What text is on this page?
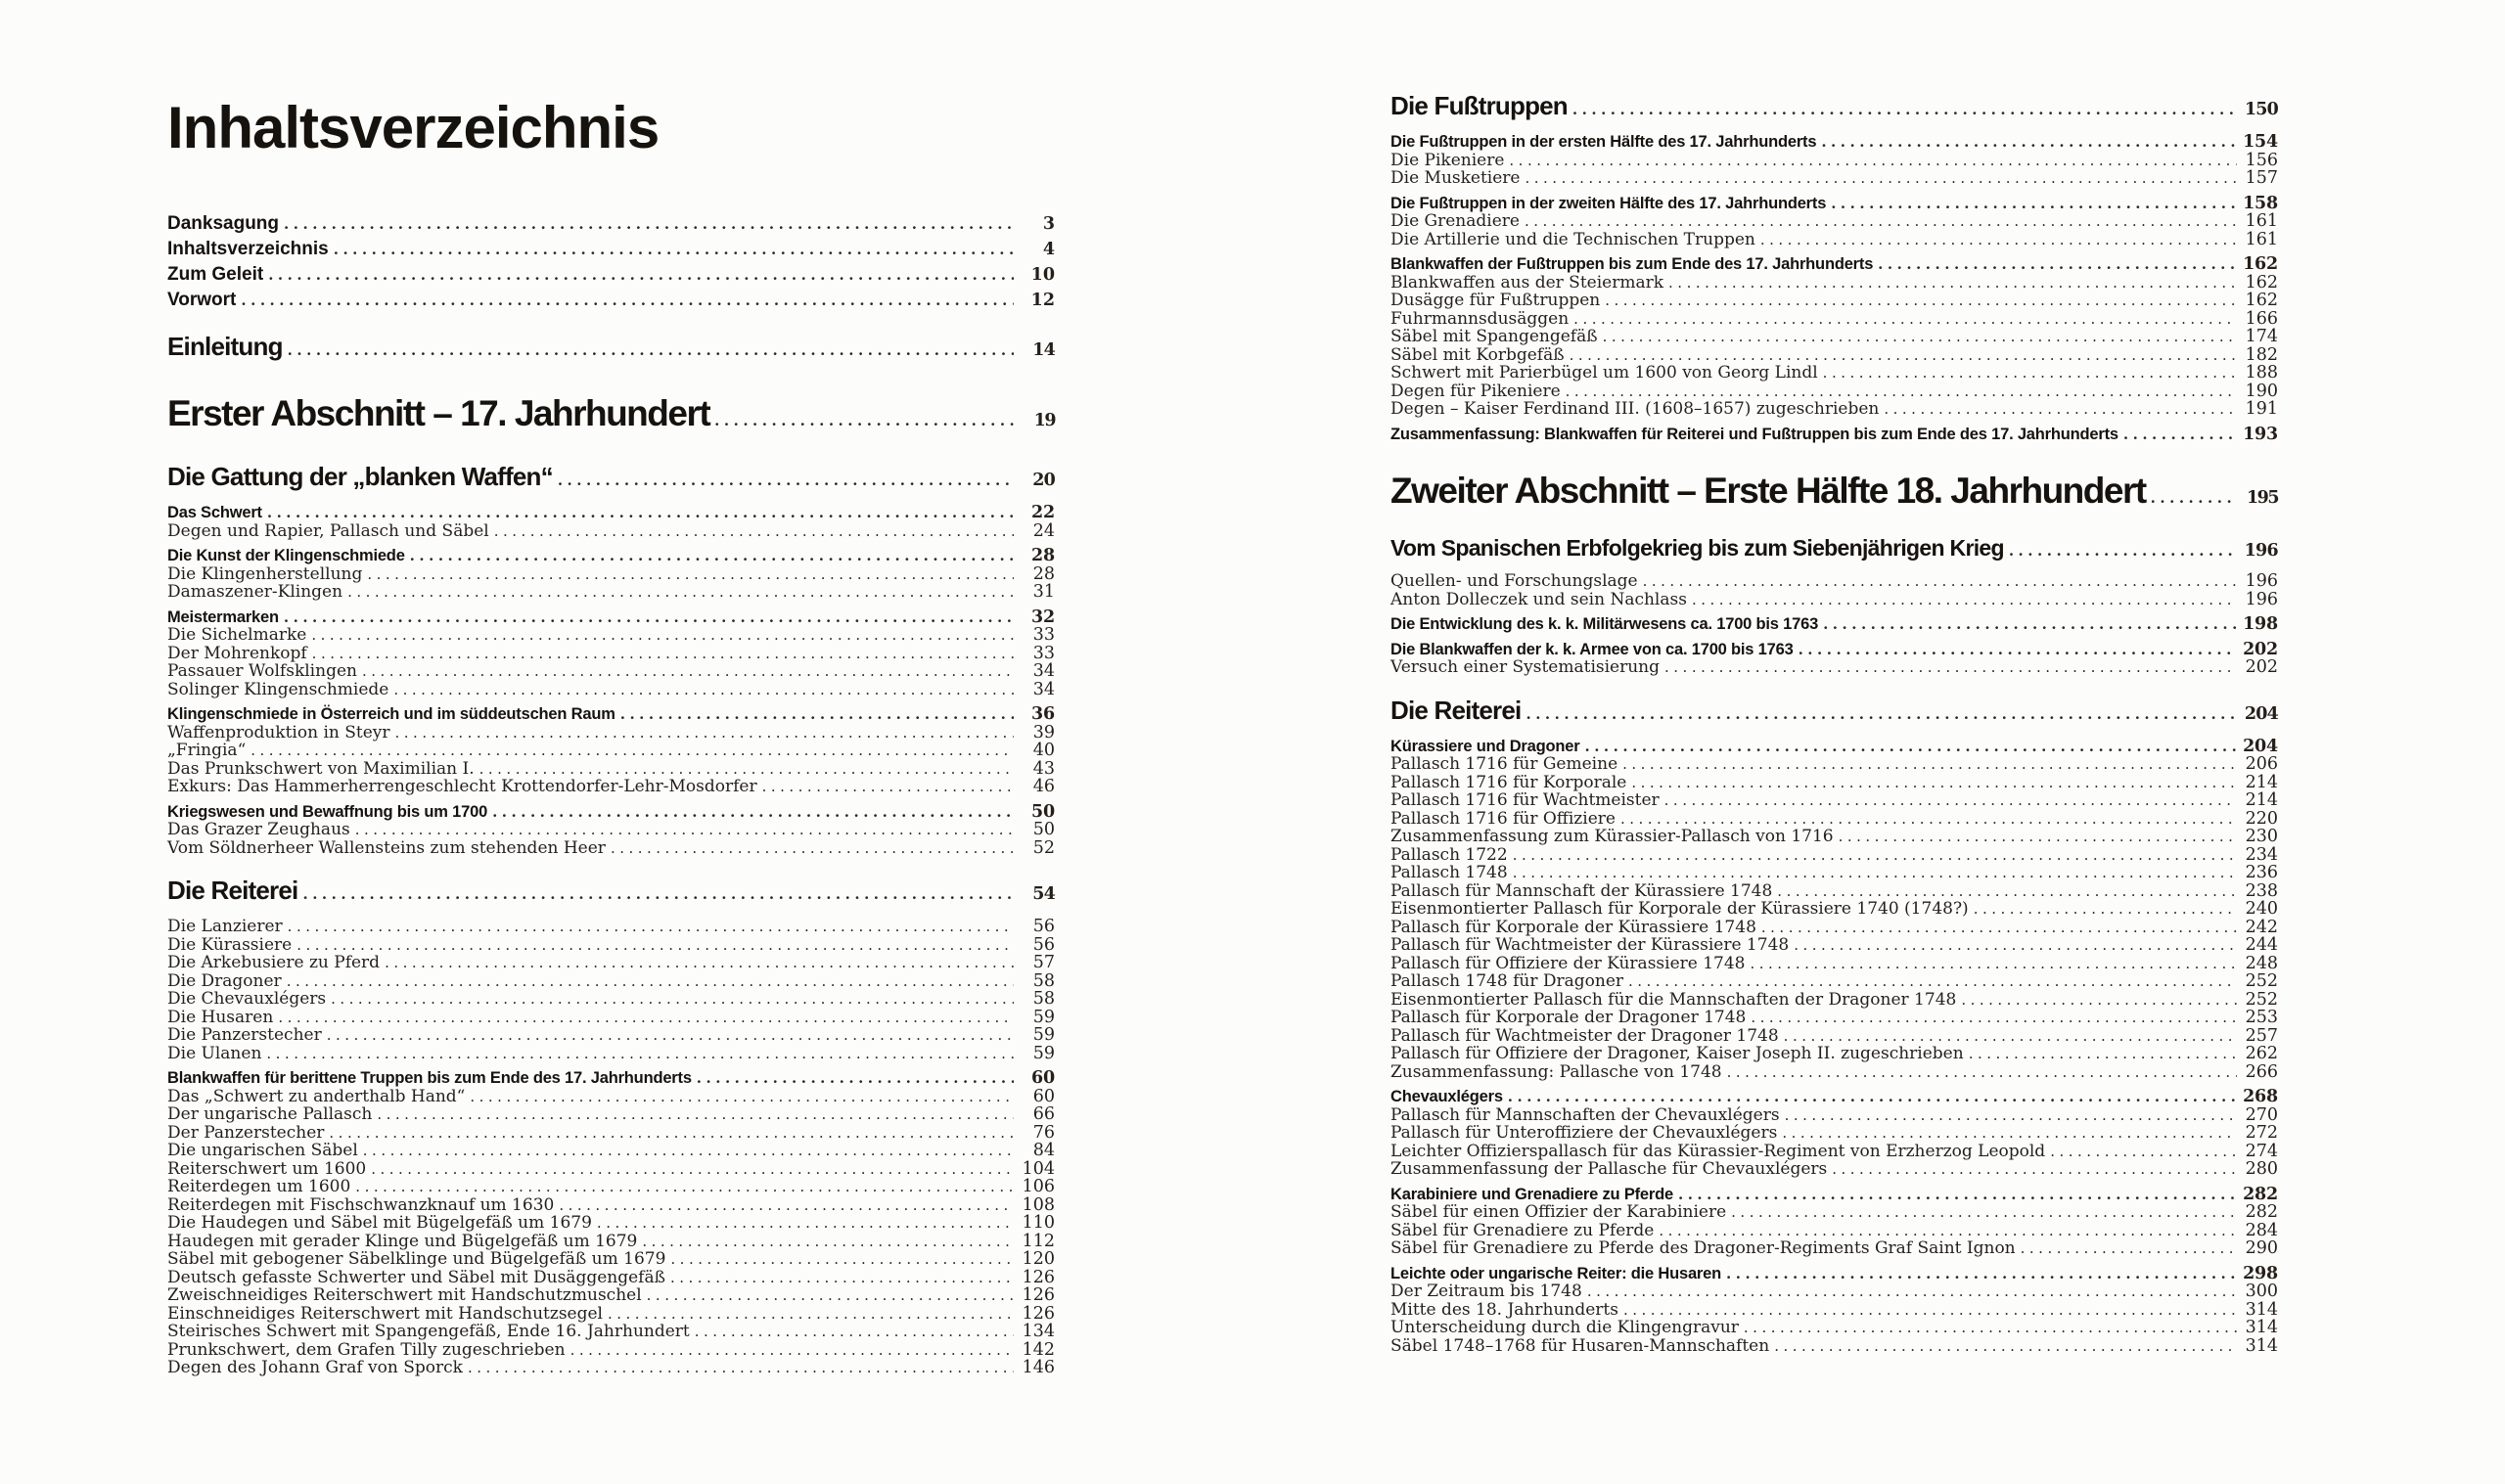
Inhaltsverzeichnis
Danksagung .....	3
Inhaltsverzeichnis .....	4
Zum Geleit .....	10
Vorwort .....	12
Einleitung .....	14
Erster Abschnitt – 17. Jahrhundert .....	19
Die Gattung der „blanken Waffen“ .....	20
Das Schwert .....	22
Degen und Rapier, Pallasch und Säbel .....	24
Die Kunst der Klingenschmiede .....	28
Die Klingenherstellung .....	28
Damaszener-Klingen .....	31
Meistermarken .....	32
Die Sichelmarke .....	33
Der Mohrenkopf .....	33
Passauer Wolfsklingen .....	34
Solinger Klingenschmiede .....	34
Klingenschmiede in Österreich und im süddeutschen Raum .....	36
Waffenproduktion in Steyr .....	39
„Fringia“ .....	40
Das Prunkschwert von Maximilian I. .....	43
Exkurs: Das Hammerherrengeschlecht Krottendorfer-Lehr-Mosdorfer .....	46
Kriegswesen und Bewaffnung bis um 1700 .....	50
Das Grazer Zeughaus .....	50
Vom Söldnerheer Wallensteins zum stehenden Heer .....	52
Die Reiterei .....	54
Die Lanzierer .....	56
Die Kürassiere .....	56
Die Arkebusiere zu Pferd .....	57
Die Dragoner .....	58
Die Chevauxlégers .....	58
Die Husaren .....	59
Die Panzerstecher .....	59
Die Ulanen .....	59
Blankwaffen für berittene Truppen bis zum Ende des 17. Jahrhunderts .....	60
Das „Schwert zu anderthalb Hand“ .....	60
Der ungarische Pallasch .....	66
Der Panzerstecher .....	76
Die ungarischen Säbel .....	84
Reiterschwert um 1600 .....	104
Reiterdegen um 1600 .....	106
Reiterdegen mit Fischschwanzknauf um 1630 .....	108
Die Haudegen und Säbel mit Bügelgefäß um 1679 .....	110
Haudegen mit gerader Klinge und Bügelgefäß um 1679 .....	112
Säbel mit gebogener Säbelklinge und Bügelgefäß um 1679 .....	120
Deutsch gefasste Schwerter und Säbel mit Dusäggengefäß .....	126
Zweischneidiges Reiterschwert mit Handschutzmuschel .....	126
Einschneidiges Reiterschwert mit Handschutzsegel .....	126
Steirisches Schwert mit Spangengefäß, Ende 16. Jahrhundert .....	134
Prunkschwert, dem Grafen Tilly zugeschrieben .....	142
Degen des Johann Graf von Sporck .....	146
Die Fußtruppen .....	150
Die Fußtruppen in der ersten Hälfte des 17. Jahrhunderts .....	154
Die Pikeniere .....	156
Die Musketiere .....	157
Die Fußtruppen in der zweiten Hälfte des 17. Jahrhunderts .....	158
Die Grenadiere .....	161
Die Artillerie und die Technischen Truppen .....	161
Blankwaffen der Fußtruppen bis zum Ende des 17. Jahrhunderts .....	162
Blankwaffen aus der Steiermark .....	162
Dusägge für Fußtruppen .....	162
Fuhrmannsdusäggen .....	166
Säbel mit Spangengefäß .....	174
Säbel mit Korbgefäß .....	182
Schwert mit Parierbügel um 1600 von Georg Lindl .....	188
Degen für Pikeniere .....	190
Degen – Kaiser Ferdinand III. (1608–1657) zugeschrieben .....	191
Zusammenfassung: Blankwaffen für Reiterei und Fußtruppen bis zum Ende des 17. Jahrhunderts .....	193
Zweiter Abschnitt – Erste Hälfte 18. Jahrhundert .....	195
Vom Spanischen Erbfolgekrieg bis zum Siebenjährigen Krieg .....	196
Quellen- und Forschungslage .....	196
Anton Dolleczek und sein Nachlass .....	196
Die Entwicklung des k. k. Militärwesens ca. 1700 bis 1763 .....	198
Die Blankwaffen der k. k. Armee von ca. 1700 bis 1763 .....	202
Versuch einer Systematisierung .....	202
Die Reiterei .....	204
Kürassiere und Dragoner .....	204
Pallasch 1716 für Gemeine .....	206
Pallasch 1716 für Korporale .....	214
Pallasch 1716 für Wachtmeister .....	214
Pallasch 1716 für Offiziere .....	220
Zusammenfassung zum Kürassier-Pallasch von 1716 .....	230
Pallasch 1722 .....	234
Pallasch 1748 .....	236
Pallasch für Mannschaft der Kürassiere 1748 .....	238
Eisenmontierter Pallasch für Korporale der Kürassiere 1740 (1748?) .....	240
Pallasch für Korporale der Kürassiere 1748 .....	242
Pallasch für Wachtmeister der Kürassiere 1748 .....	244
Pallasch für Offiziere der Kürassiere 1748 .....	248
Pallasch 1748 für Dragoner .....	252
Eisenmontierter Pallasch für die Mannschaften der Dragoner 1748 .....	252
Pallasch für Korporale der Dragoner 1748 .....	253
Pallasch für Wachtmeister der Dragoner 1748 .....	257
Pallasch für Offiziere der Dragoner, Kaiser Joseph II. zugeschrieben .....	262
Zusammenfassung: Pallasche von 1748 .....	266
Chevauxlégers .....	268
Pallasch für Mannschaften der Chevauxlégers .....	270
Pallasch für Unteroffiziere der Chevauxlégers .....	272
Leichter Offizierspallasch für das Kürassier-Regiment von Erzherzog Leopold .....	274
Zusammenfassung der Pallasche für Chevauxlégers .....	280
Karabiniere und Grenadiere zu Pferde .....	282
Säbel für einen Offizier der Karabiniere .....	282
Säbel für Grenadiere zu Pferde .....	284
Säbel für Grenadiere zu Pferde des Dragoner-Regiments Graf Saint Ignon .....	290
Leichte oder ungarische Reiter: die Husaren .....	298
Der Zeitraum bis 1748 .....	300
Mitte des 18. Jahrhunderts .....	314
Unterscheidung durch die Klingengravur .....	314
Säbel 1748–1768 für Husaren-Mannschaften .....	314
